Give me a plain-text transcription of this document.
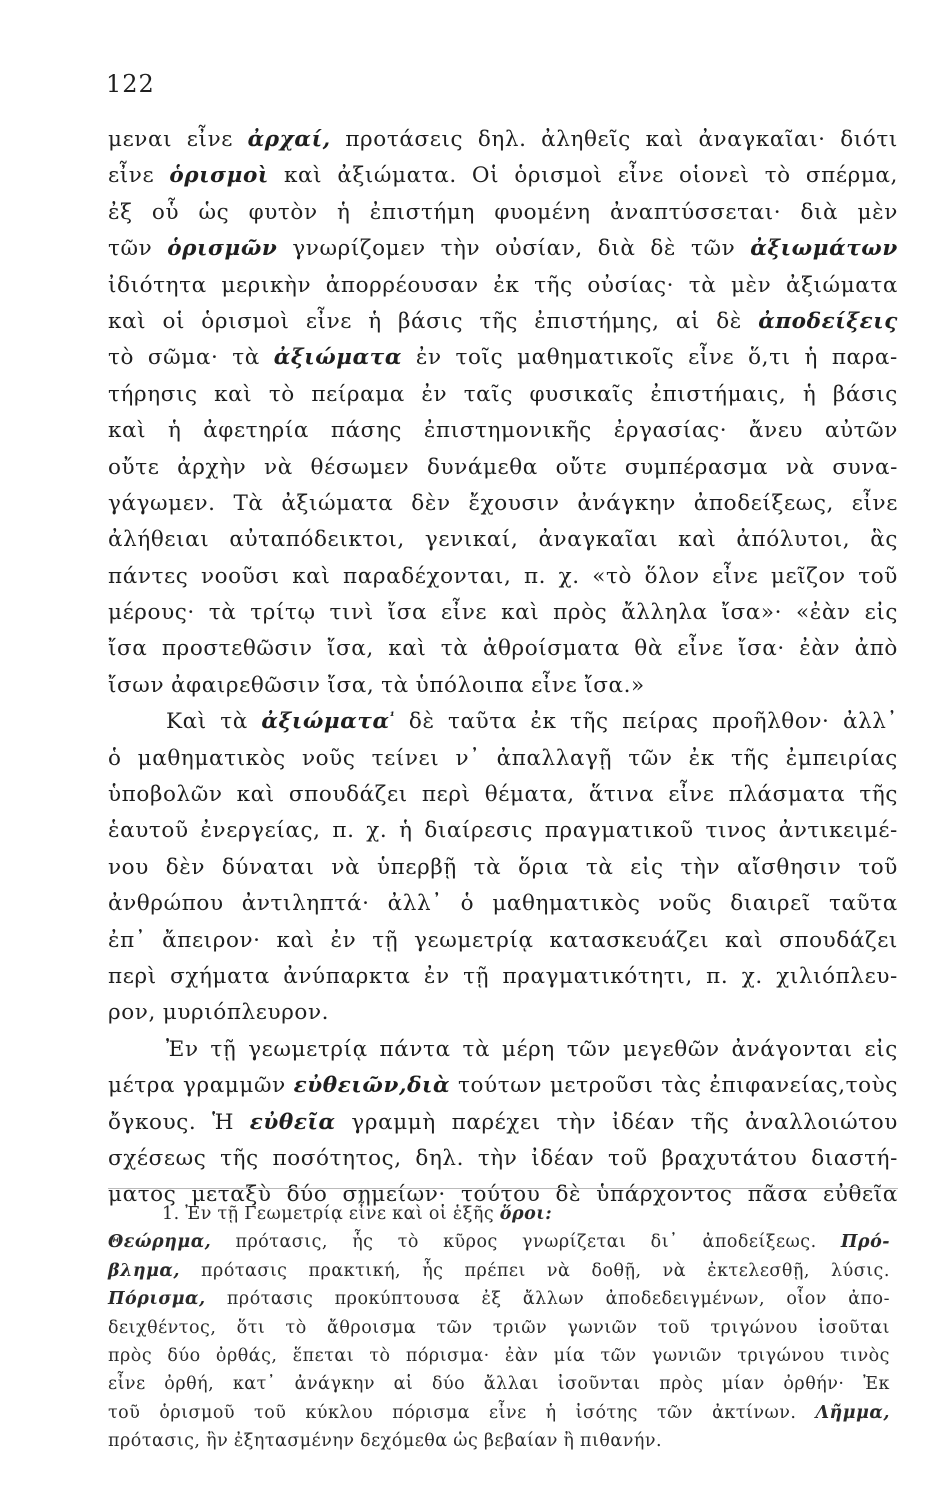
122
μεναι εἶνε ἀρχαί, προτάσεις δηλ. ἀληθεῖς καὶ ἀναγκαῖαι· διότι
εἶνε ὁρισμοὶ καὶ ἀξιώματα. Οἱ ὁρισμοὶ εἶνε οἱονεὶ τὸ σπέρμα,
ἐξ οὗ ὡς φυτὸν ἡ ἐπιστήμη φυομένη ἀναπτύσσεται· διὰ μὲν
τῶν ὁρισμῶν γνωρίζομεν τὴν οὐσίαν, διὰ δὲ τῶν ἀξιωμάτων
ἰδιότητα μερικὴν ἀπορρέουσαν ἐκ τῆς οὐσίας· τὰ μὲν ἀξιώματα
καὶ οἱ ὁρισμοὶ εἶνε ἡ βάσις τῆς ἐπιστήμης, αἱ δὲ ἀποδείξεις
τὸ σῶμα· τὰ ἀξιώματα ἐν τοῖς μαθηματικοῖς εἶνε ὅ,τι ἡ παρα-
τήρησις καὶ τὸ πείραμα ἐν ταῖς φυσικαῖς ἐπιστήμαις, ἡ βάσις
καὶ ἡ ἀφετηρία πάσης ἐπιστημονικῆς ἐργασίας· ἄνευ αὐτῶν
οὔτε ἀρχὴν νὰ θέσωμεν δυνάμεθα οὔτε συμπέρασμα νὰ συνα-
γάγωμεν. Τὰ ἀξιώματα δὲν ἔχουσιν ἀνάγκην ἀποδείξεως, εἶνε
ἀλήθειαι αὐταπόδεικτοι, γενικαί, ἀναγκαῖαι καὶ ἀπόλυτοι, ἃς
πάντες νοοῦσι καὶ παραδέχονται, π. χ. «τὸ ὅλον εἶνε μεῖζον τοῦ
μέρους· τὰ τρίτῳ τινὶ ἴσα εἶνε καὶ πρὸς ἄλληλα ἴσα»· «ἐὰν εἰς
ἴσα προστεθῶσιν ἴσα, καὶ τὰ ἀθροίσματα θὰ εἶνε ἴσα· ἐὰν ἀπὸ
ἴσων ἀφαιρεθῶσιν ἴσα, τὰ ὑπόλοιπα εἶνε ἴσα.»
Καὶ τὰ ἀξιώματα$^{^1}$ δὲ ταῦτα ἐκ τῆς πείρας προῆλθον· ἀλλ᾽
ὁ μαθηματικὸς νοῦς τείνει ν᾽ ἀπαλλαγῇ τῶν ἐκ τῆς ἐμπειρίας
ὑποβολῶν καὶ σπουδάζει περὶ θέματα, ἅτινα εἶνε πλάσματα τῆς
ἑαυτοῦ ἐνεργείας, π. χ. ἡ διαίρεσις πραγματικοῦ τινος ἀντικειμέ-
νου δὲν δύναται νὰ ὑπερβῇ τὰ ὅρια τὰ εἰς τὴν αἴσθησιν τοῦ
ἀνθρώπου ἀντιληπτά· ἀλλ᾽ ὁ μαθηματικὸς νοῦς διαιρεῖ ταῦτα
ἐπ᾽ ἄπειρον· καὶ ἐν τῇ γεωμετρίᾳ κατασκευάζει καὶ σπουδάζει
περὶ σχήματα ἀνύπαρκτα ἐν τῇ πραγματικότητι, π. χ. χιλιόπλευ-
ρον, μυριόπλευρον.
Ἐν τῇ γεωμετρίᾳ πάντα τὰ μέρη τῶν μεγεθῶν ἀνάγονται εἰς
μέτρα γραμμῶν εὐθειῶν,διὰ τούτων μετροῦσι τὰς ἐπιφανείας,τοὺς
ὄγκους. Ἡ εὐθεῖα γραμμὴ παρέχει τὴν ἰδέαν τῆς ἀναλλοιώτου
σχέσεως τῆς ποσότητος, δηλ. τὴν ἰδέαν τοῦ βραχυτάτου διαστή-
ματος μεταξὺ δύο σημείων· τούτου δὲ ὑπάρχοντος πᾶσα εὐθεῖα
1. Ἐν τῇ Γεωμετρίᾳ εἶνε καὶ οἱ ἑξῆς ὅροι:
Θεώρημα, πρότασις, ἧς τὸ κῦρος γνωρίζεται δι᾽ ἀποδείξεως. Πρό-
βλημα, πρότασις πρακτική, ἧς πρέπει νὰ δοθῇ, νὰ ἐκτελεσθῇ, λύσις.
Πόρισμα, πρότασις προκύπτουσα ἐξ ἄλλων ἀποδεδειγμένων, οἷον ἀπο-
δειχθέντος, ὅτι τὸ ἄθροισμα τῶν τριῶν γωνιῶν τοῦ τριγώνου ἰσοῦται
πρὸς δύο ὀρθάς, ἕπεται τὸ πόρισμα· ἐὰν μία τῶν γωνιῶν τριγώνου τινὸς
εἶνε ὀρθή, κατ᾽ ἀνάγκην αἱ δύο ἄλλαι ἰσοῦνται πρὸς μίαν ὀρθήν· Ἐκ
τοῦ ὁρισμοῦ τοῦ κύκλου πόρισμα εἶνε ἡ ἰσότης τῶν ἀκτίνων. Λῆμμα,
πρότασις, ἣν ἐξητασμένην δεχόμεθα ὡς βεβαίαν ἢ πιθανήν.
